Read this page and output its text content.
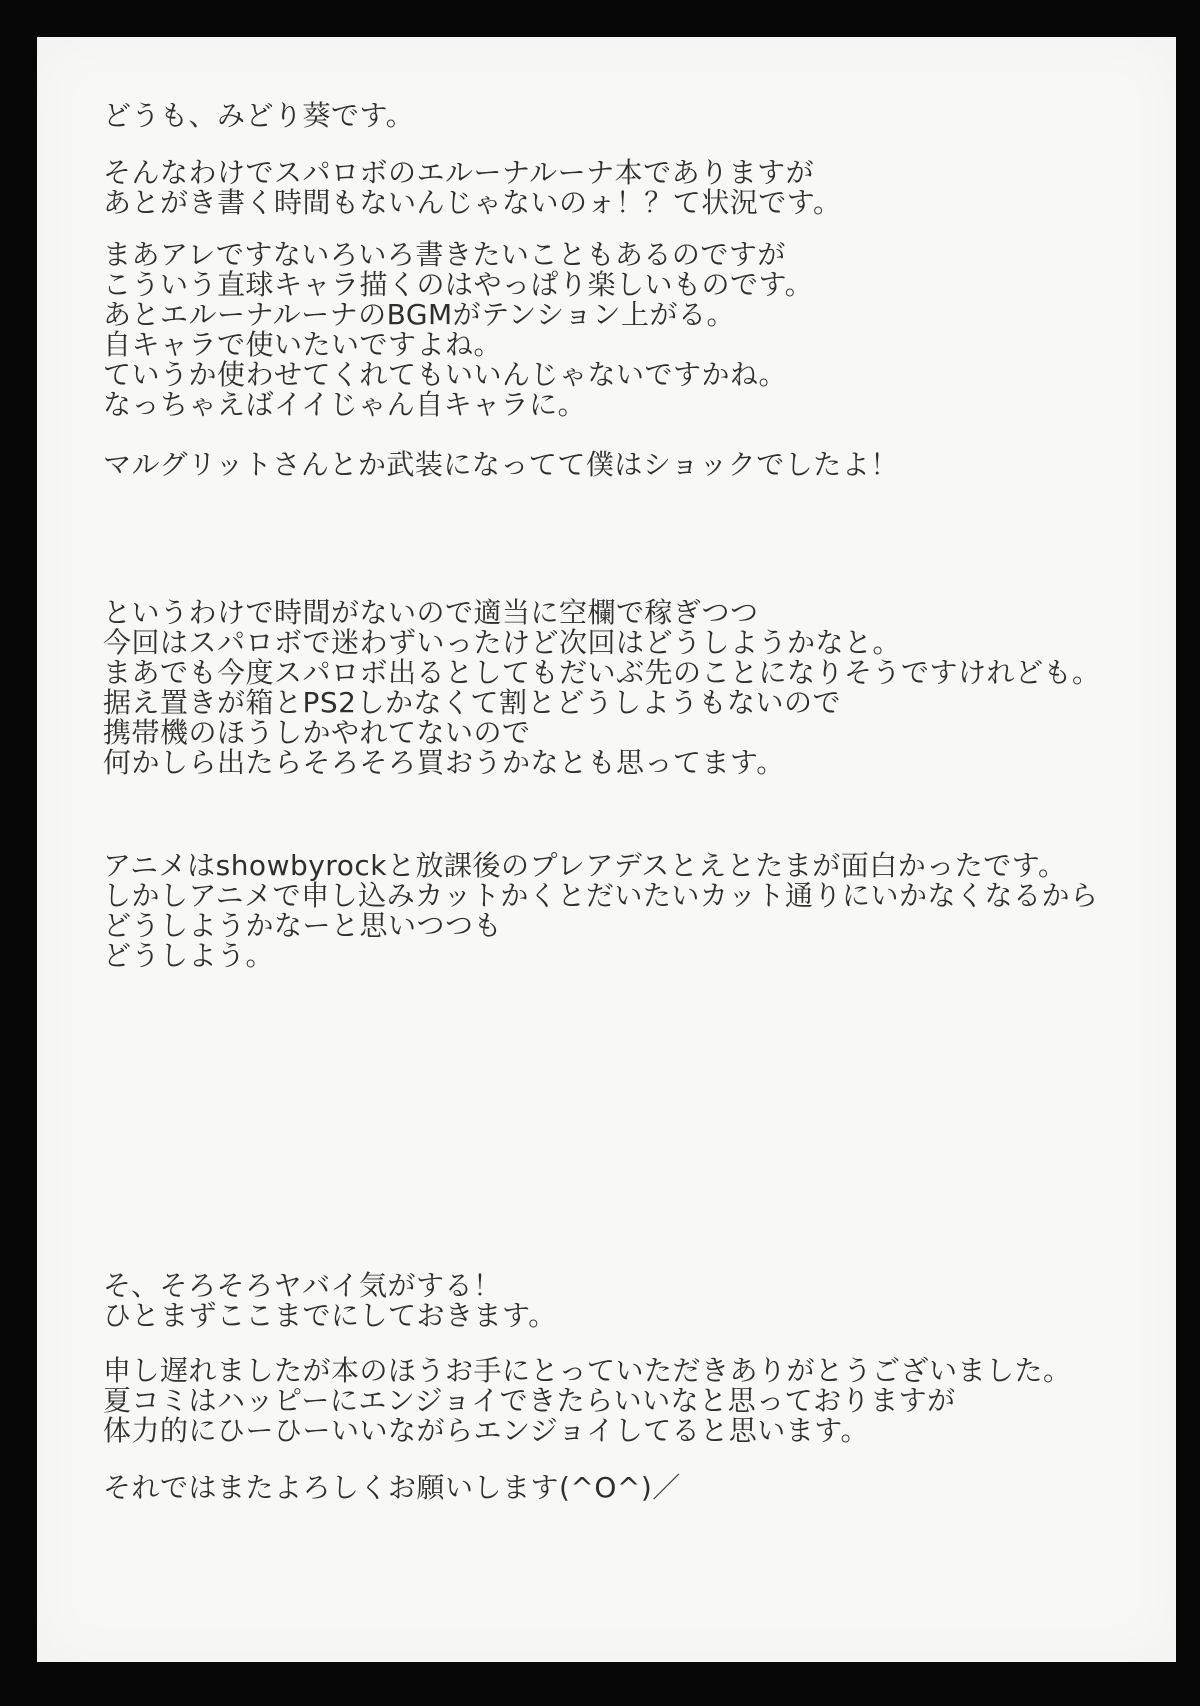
どうも、みどり葵です。
そんなわけでスパロボのエルーナルーナ本でありますが
あとがき書く時間もないんじゃないのォ！？て状況です。
まあアレですないろいろ書きたいこともあるのですが
こういう直球キャラ描くのはやっぱり楽しいものです。
あとエルーナルーナのBGMがテンション上がる。
自キャラで使いたいですよね。
ていうか使わせてくれてもいいんじゃないですかね。
なっちゃえばイイじゃん自キャラに。
マルグリットさんとか武装になってて僕はショックでしたよ！
というわけで時間がないので適当に空欄で稼ぎつつ
今回はスパロボで迷わずいったけど次回はどうしようかなと。
まあでも今度スパロボ出るとしてもだいぶ先のことになりそうですけれども。
据え置きが箱とPS2しかなくて割とどうしようもないので
携帯機のほうしかやれてないので
何かしら出たらそろそろ買おうかなとも思ってます。
アニメはshowbyrockと放課後のプレアデスとえとたまが面白かったです。
しかしアニメで申し込みカットかくとだいたいカット通りにいかなくなるから
どうしようかなーと思いつつも
どうしよう。
そ、そろそろヤバイ気がする！
ひとまずここまでにしておきます。
申し遅れましたが本のほうお手にとっていただきありがとうございました。
夏コミはハッピーにエンジョイできたらいいなと思っておりますが
体力的にひーひーいいながらエンジョイしてると思います。
それではまたよろしくお願いします(^O^)／
